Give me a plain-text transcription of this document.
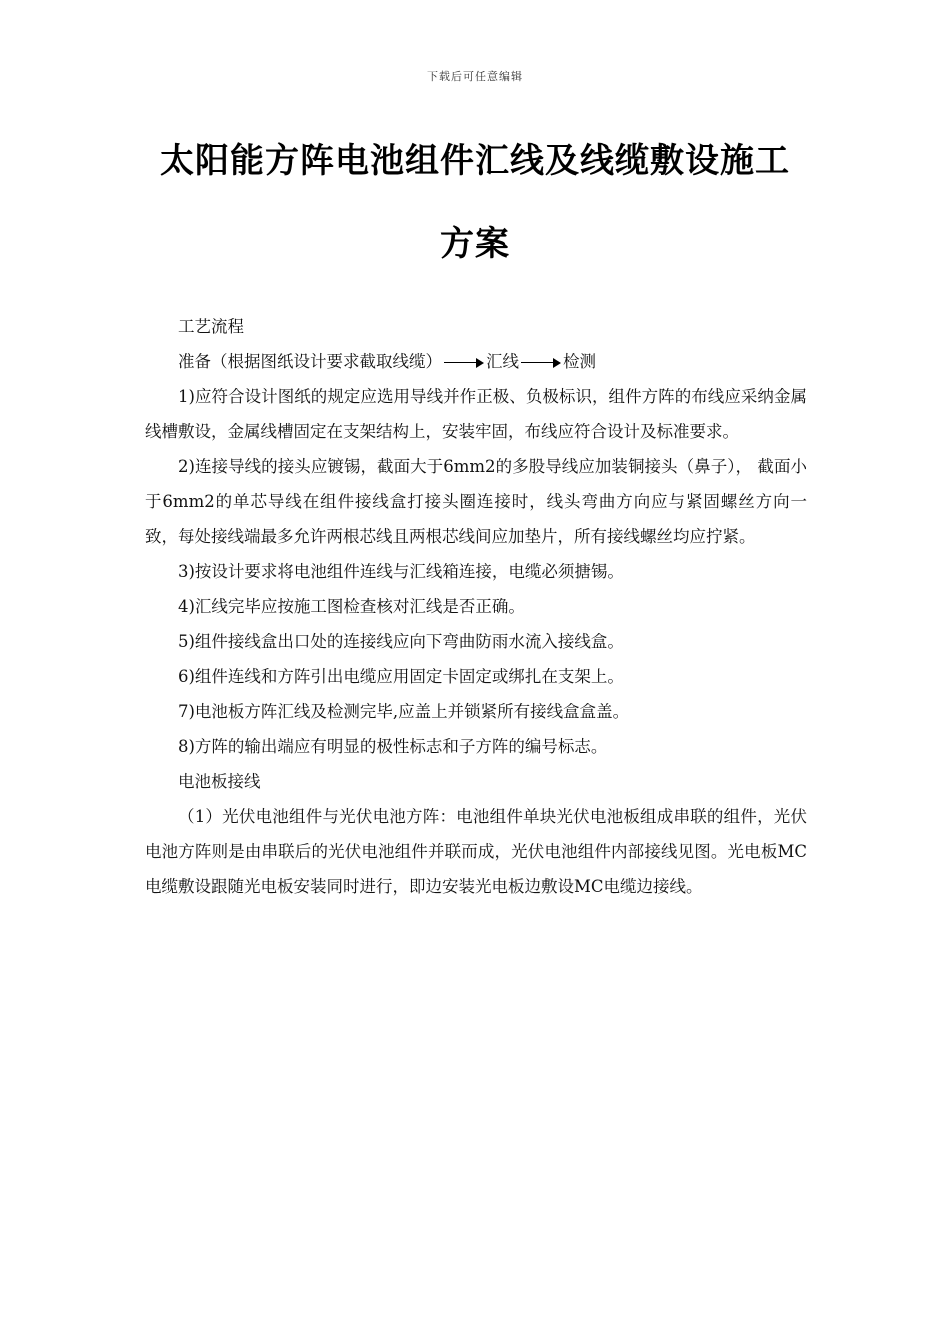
下载后可任意编辑
太阳能方阵电池组件汇线及线缆敷设施工
方案

工艺流程

准备（根据图纸设计要求截取线缆）	汇线	检测

1)应符合设计图纸的规定应选用导线并作正极、负极标识，组件方阵的布线应采纳金属线槽敷设，金属线槽固定在支架结构上，安装牢固，布线应符合设计及标准要求。

2)连接导线的接头应镀锡，截面大于6mm2的多股导线应加装铜接头（鼻子）， 截面小于6mm2的单芯导线在组件接线盒打接头圈连接时，线头弯曲方向应与紧固螺丝方向一致，每处接线端最多允许两根芯线且两根芯线间应加垫片，所有接线螺丝均应拧紧。

3)按设计要求将电池组件连线与汇线箱连接，电缆必须搪锡。

4)汇线完毕应按施工图检查核对汇线是否正确。

5)组件接线盒出口处的连接线应向下弯曲防雨水流入接线盒。

6)组件连线和方阵引出电缆应用固定卡固定或绑扎在支架上。

7)电池板方阵汇线及检测完毕,应盖上并锁紧所有接线盒盒盖。

8)方阵的输出端应有明显的极性标志和子方阵的编号标志。

电池板接线

（1）光伏电池组件与光伏电池方阵：电池组件单块光伏电池板组成串联的组件，光伏电池方阵则是由串联后的光伏电池组件并联而成，光伏电池组件内部接线见图。光电板MC电缆敷设跟随光电板安装同时进行，即边安装光电板边敷设MC电缆边接线。
